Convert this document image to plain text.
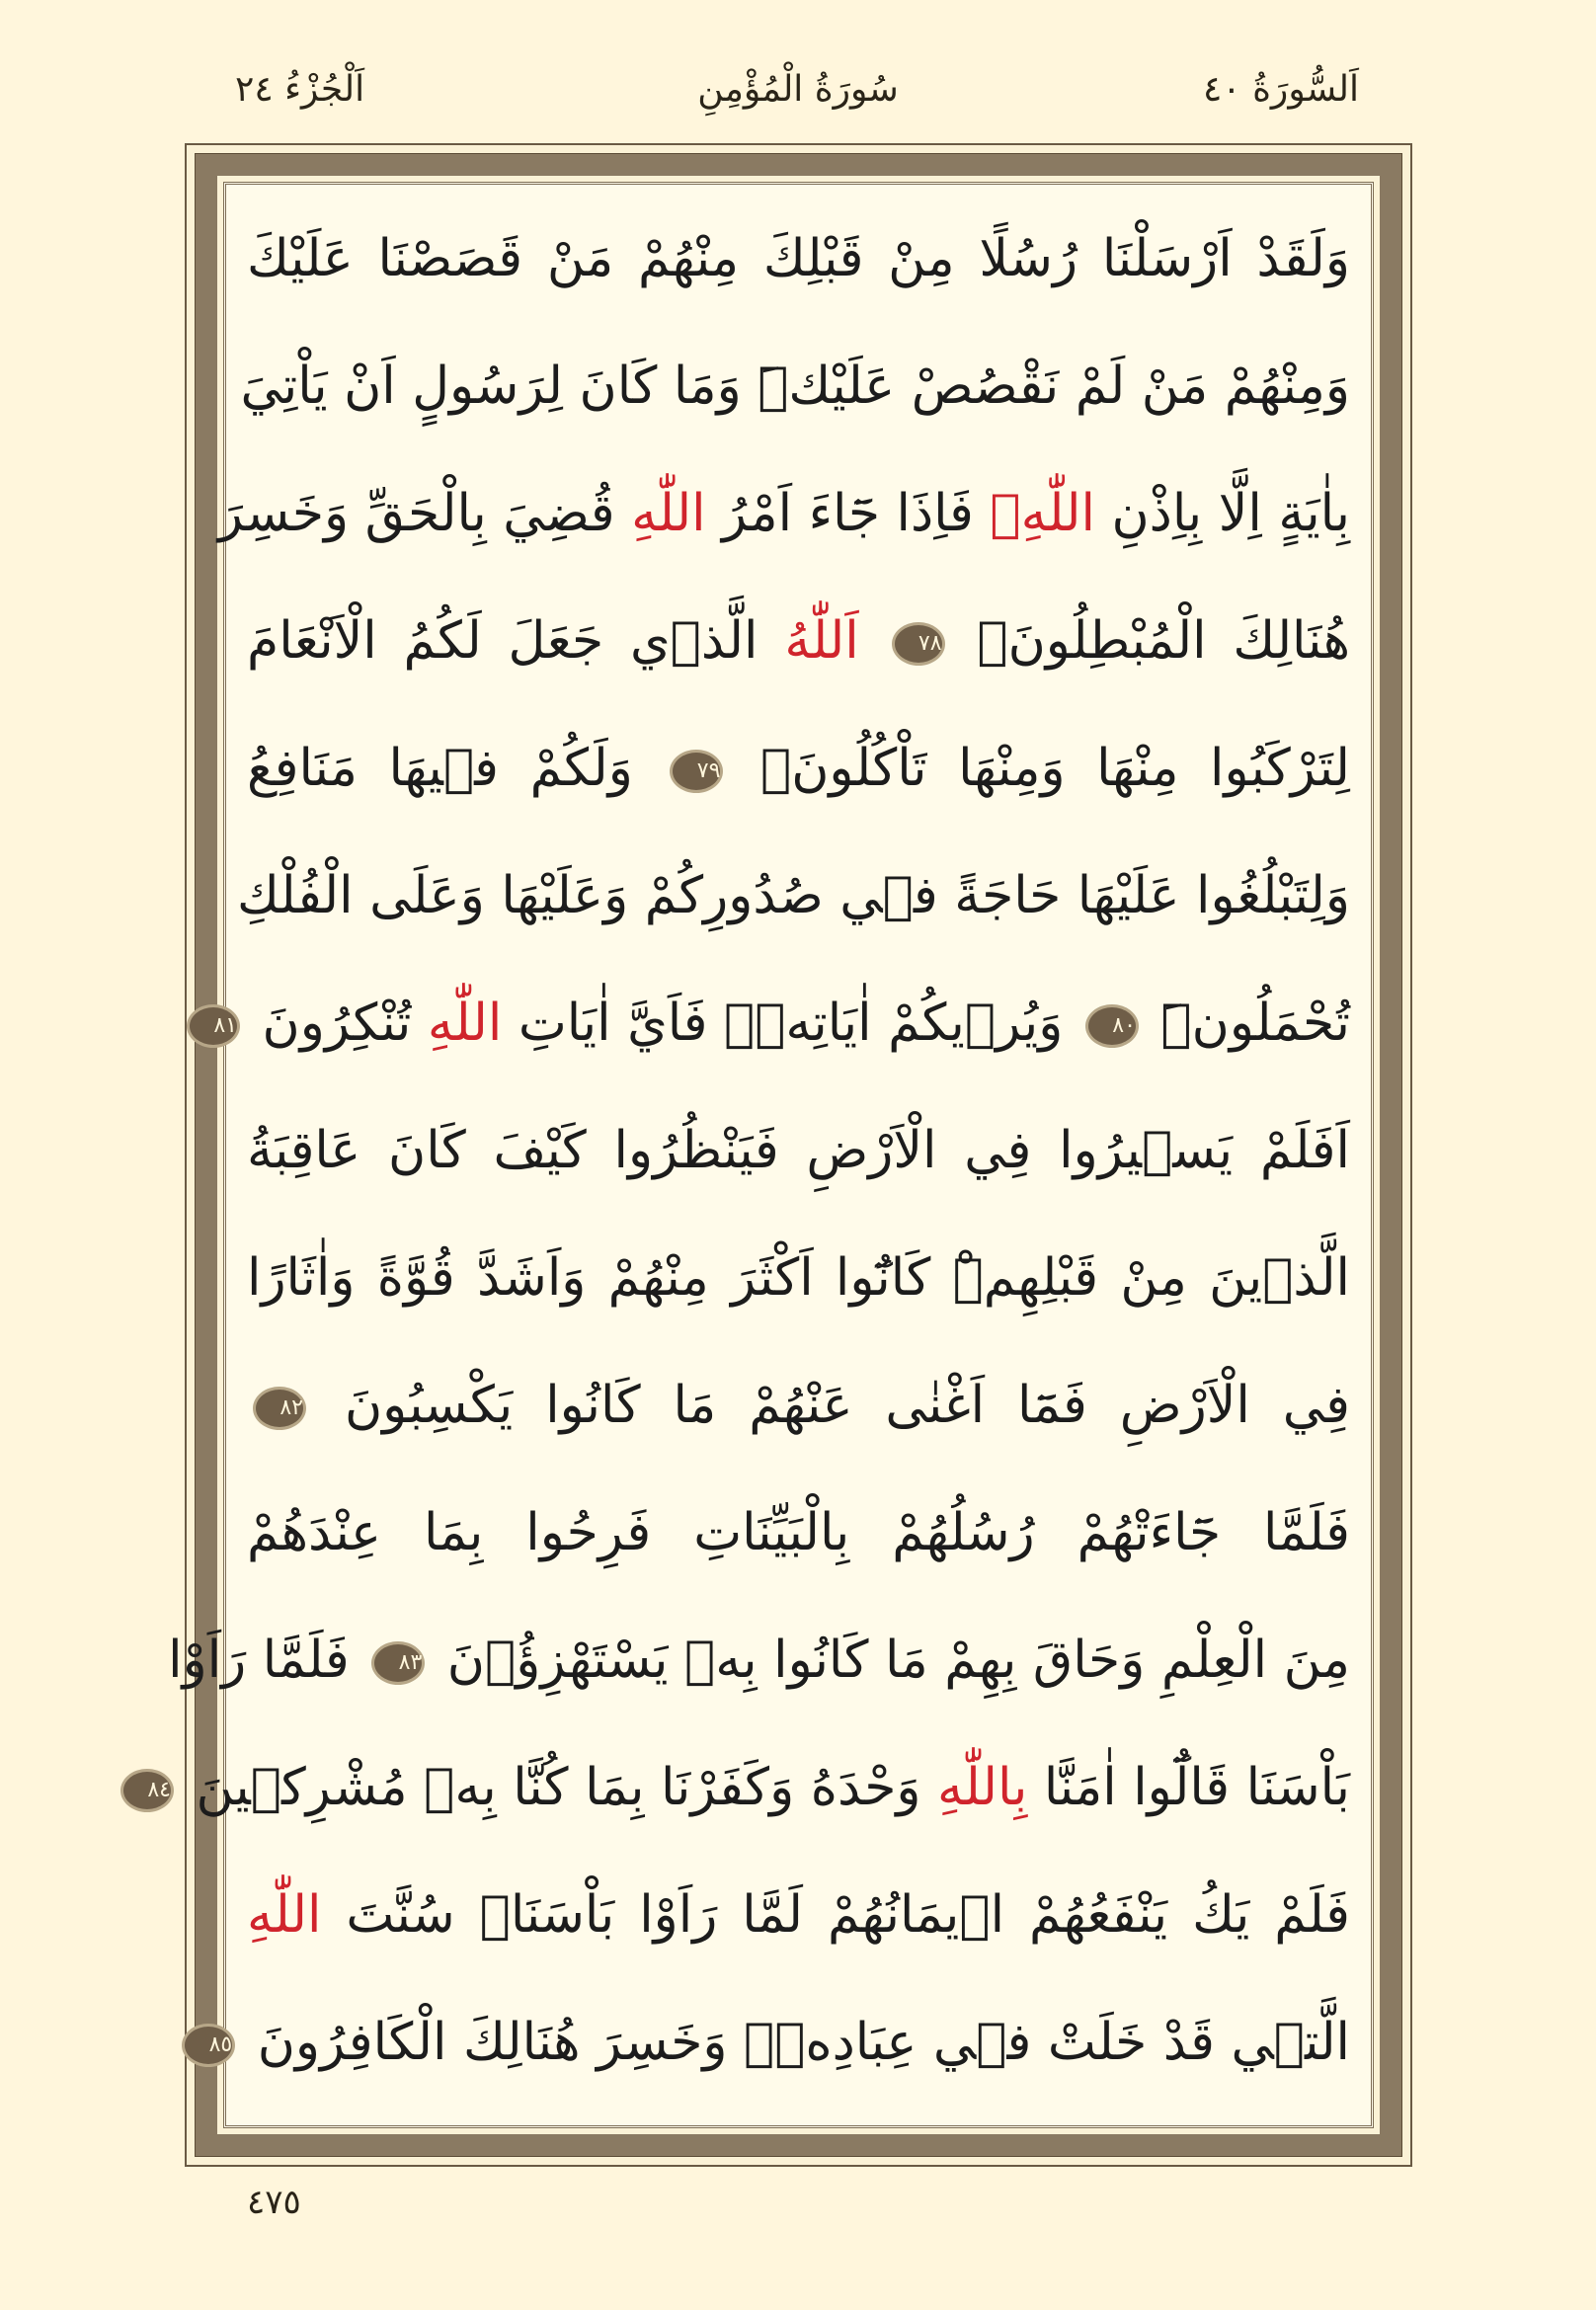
سُورَةُ الْمُؤْمِنِ	اَلسُّورَةُ ٤٠
اَلْجُزْءُ ٢٤
وَلَقَدْ اَرْسَلْنَا رُسُلًا مِنْ قَبْلِكَ مِنْهُمْ مَنْ قَصَصْنَا عَلَيْكَ
وَمِنْهُمْ مَنْ لَمْ نَقْصُصْ عَلَيْكَۜ وَمَا كَانَ لِرَسُولٍ اَنْ يَاْتِيَ
بِاٰيَةٍ اِلَّا بِاِذْنِ اللّٰهِۚ فَاِذَا جَٓاءَ اَمْرُ اللّٰهِ قُضِيَ بِالْحَقِّ وَخَسِرَ
هُنَالِكَ الْمُبْطِلُونَ۟ ٧٨ اَللّٰهُ الَّذ۪ي جَعَلَ لَكُمُ الْاَنْعَامَ
لِتَرْكَبُوا مِنْهَا وَمِنْهَا تَاْكُلُونَۘ ٧٩ وَلَكُمْ ف۪يهَا مَنَافِعُ
وَلِتَبْلُغُوا عَلَيْهَا حَاجَةً ف۪ي صُدُورِكُمْ وَعَلَيْهَا وَعَلَى الْفُلْكِ
تُحْمَلُونَۜ ٨٠ وَيُر۪يكُمْ اٰيَاتِه۪ۗ فَاَيَّ اٰيَاتِ اللّٰهِ تُنْكِرُونَ ٨١
اَفَلَمْ يَس۪يرُوا فِي الْاَرْضِ فَيَنْظُرُوا كَيْفَ كَانَ عَاقِبَةُ
الَّذ۪ينَ مِنْ قَبْلِهِمْۜ كَانُٓوا اَكْثَرَ مِنْهُمْ وَاَشَدَّ قُوَّةً وَاٰثَارًا
فِي الْاَرْضِ فَمَٓا اَغْنٰى عَنْهُمْ مَا كَانُوا يَكْسِبُونَ ٨٢
فَلَمَّا جَٓاءَتْهُمْ رُسُلُهُمْ بِالْبَيِّنَاتِ فَرِحُوا بِمَا عِنْدَهُمْ
مِنَ الْعِلْمِ وَحَاقَ بِهِمْ مَا كَانُوا بِه۪ يَسْتَهْزِؤُ۫نَ ٨٣ فَلَمَّا رَاَوْا
بَاْسَنَا قَالُٓوا اٰمَنَّا بِاللّٰهِ وَحْدَهُ وَكَفَرْنَا بِمَا كُنَّا بِه۪ مُشْرِك۪ينَ ٨٤
فَلَمْ يَكُ يَنْفَعُهُمْ ا۪يمَانُهُمْ لَمَّا رَاَوْا بَاْسَنَاۜ سُنَّتَ اللّٰهِ
الَّت۪ي قَدْ خَلَتْ ف۪ي عِبَادِه۪ۚ وَخَسِرَ هُنَالِكَ الْكَافِرُونَ ٨٥
٤٧٥
